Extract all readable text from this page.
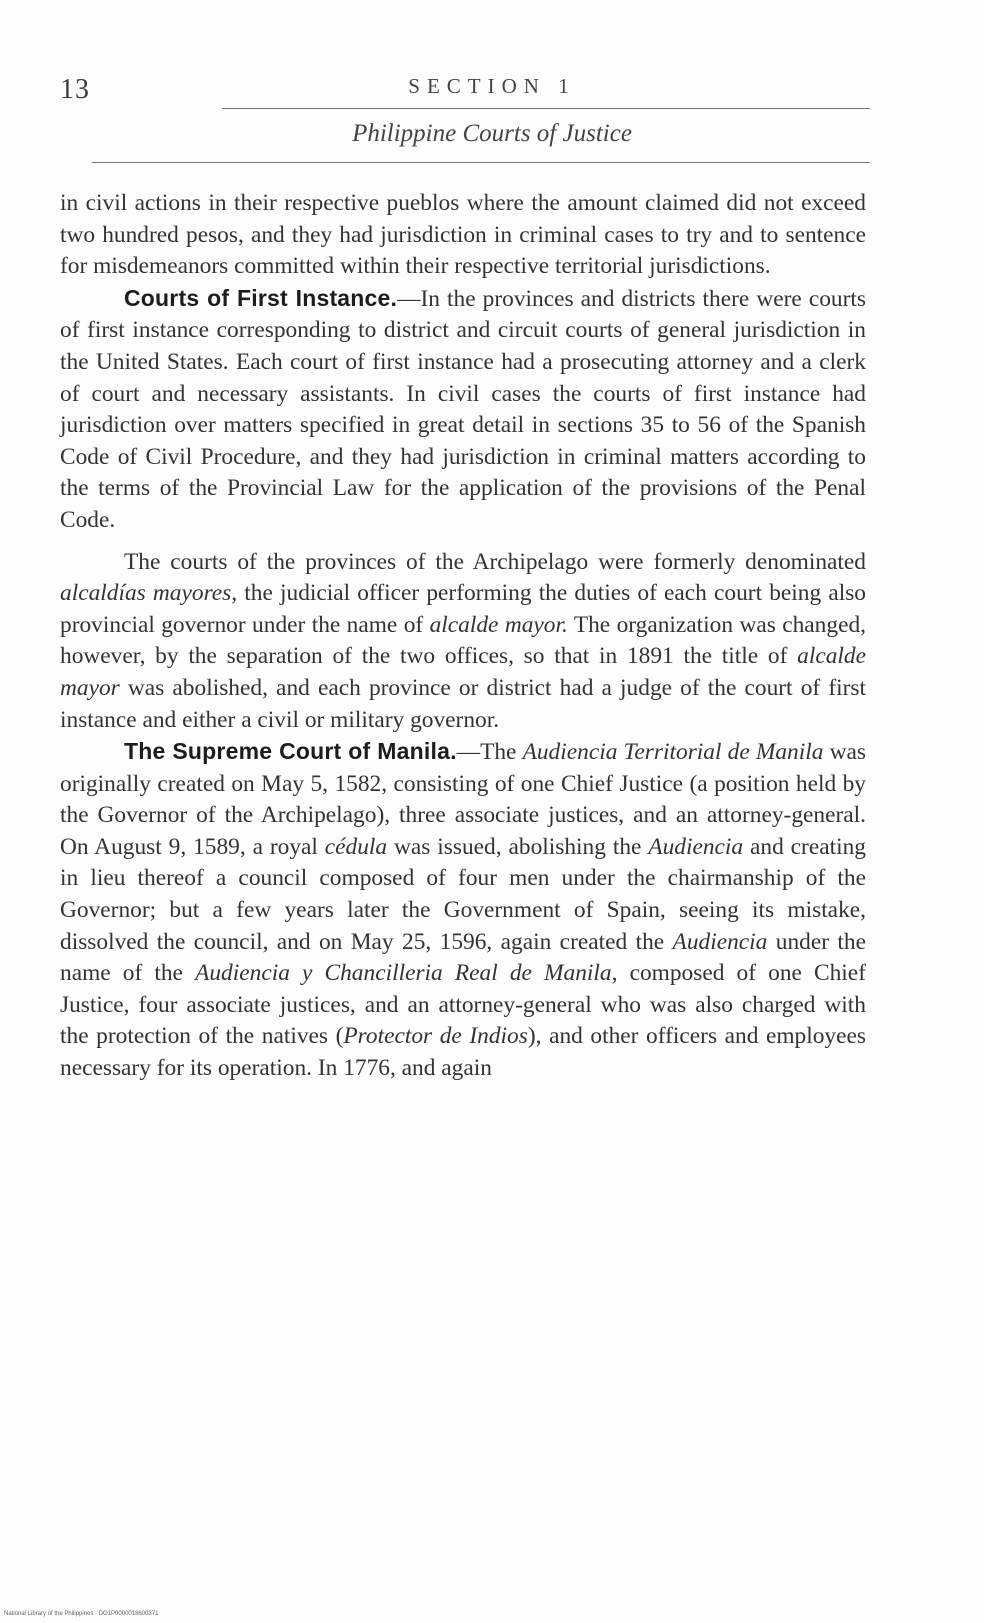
13	SECTION 1
Philippine Courts of Justice

in civil actions in their respective pueblos where the amount claimed did not exceed two hundred pesos, and they had jurisdiction in criminal cases to try and to sentence for misdemeanors committed within their respective territorial jurisdictions.

Courts of First Instance.—In the provinces and districts there were courts of first instance corresponding to district and circuit courts of general jurisdiction in the United States. Each court of first instance had a prosecuting attorney and a clerk of court and necessary assistants. In civil cases the courts of first instance had jurisdiction over matters specified in great detail in sections 35 to 56 of the Spanish Code of Civil Procedure, and they had jurisdiction in criminal matters according to the terms of the Provincial Law for the application of the provisions of the Penal Code.

The courts of the provinces of the Archipelago were formerly denominated alcaldías mayores, the judicial officer performing the duties of each court being also provincial governor under the name of alcalde mayor. The organization was changed, however, by the separation of the two offices, so that in 1891 the title of alcalde mayor was abolished, and each province or district had a judge of the court of first instance and either a civil or military governor.

The Supreme Court of Manila.—The Audiencia Territorial de Manila was originally created on May 5, 1582, consisting of one Chief Justice (a position held by the Governor of the Archipelago), three associate justices, and an attorney-general. On August 9, 1589, a royal cédula was issued, abolishing the Audiencia and creating in lieu thereof a council composed of four men under the chairmanship of the Governor; but a few years later the Government of Spain, seeing its mistake, dissolved the council, and on May 25, 1596, again created the Audiencia under the name of the Audiencia y Chancilleria Real de Manila, composed of one Chief Justice, four associate justices, and an attorney-general who was also charged with the protection of the natives (Protector de Indios), and other officers and employees necessary for its operation. In 1776, and again

National Library of the Philippines · DO1P0000018600371
